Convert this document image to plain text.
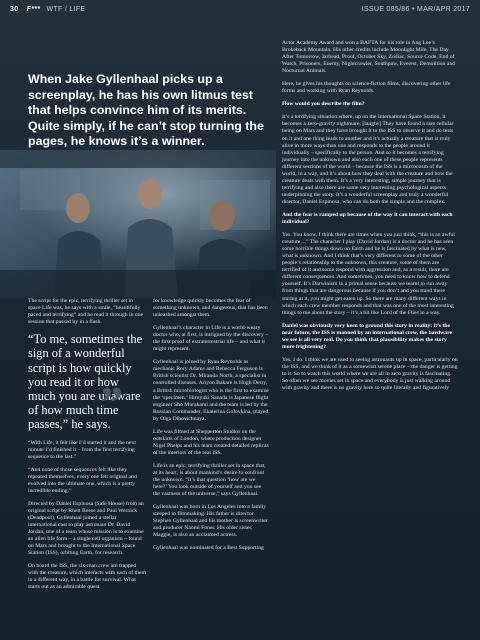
30 F*** WTF / LIFE	ISSUE 085/86 • MAR/APR 2017
When Jake Gyllenhaal picks up a screenplay, he has his own litmus test that helps convince him of its merits. Quite simply, if he can’t stop turning the pages, he knows it’s a winner.

The script for the epic, terrifying thriller set in space Life was, he says with a smile, “beautifully paced and terrifying” and he read it through in one session that passed by in a flash.

“To me, sometimes the sign of a wonderful script is how quickly you read it or how much you are unaware of how much time passes,” he says.

“With Life, it felt like I’d started it and the next minute I’d finished it – from the first terrifying sequence to the last.”

“And none of those sequences felt like they repeated themselves, every one felt original and evolved into the ultimate one, which is a pretty incredible ending.”

Directed by Daniel Espinosa (Safe House) from an original script by Rhett Reese and Paul Wernick (Deadpool), Gyllenhaal joined a stellar international cast to play astronaut Dr. David Jordan, one of a team whose mission is to examine an alien life form – a single cell organism – found on Mars and brought to the International Space Station (ISS), orbiting Earth, for research.

On board the ISS, the six-man crew are trapped with the creature, which interacts with each of them in a different way, in a battle for survival. What starts out as an admirable quest

”

for knowledge quickly becomes the fear of something unknown, and dangerous, that has been unleashed amongst them.

Gyllenhaal’s character in Life is a world-weary doctor who, at first, is intrigued by the discovery – the first proof of extraterrestrial life – and what it might represent.

Gyllenhaal is joined by Ryan Reynolds as mechanic Rory Adams and Rebecca Ferguson is British scientist Dr. Miranda North, a specialist in controlled diseases. Ariyon Bakare is Hugh Derry, a British microbiologist who is the first to examine the ‘specimen.’ Hiroyuki Sanada is Japanese flight engineer Sho Murakami and the team is led by the Russian Commander, Ekaterina Golovkina, played by Olga Dihovichnaya.

Life was filmed at Shepperton Studios on the outskirts of London, where production designer Nigel Phelps and his team created detailed replicas of the interiors of the real ISS.

Life is an epic, terrifying thriller set in space that, at its heart, is about mankind’s desire to confront the unknown. “It’s that question ‘how are we here?’ You look outside of yourself and you see the vastness of the universe,” says Gyllenhaal.

Gyllenhaal was born in Los Angeles into a family steeped in filmmaking. His father is director Stephen Gyllenhaal and his mother is screenwriter and producer Naomi Foner. His older sister, Maggie, is also an acclaimed actress.

Gyllenhaal was nominated for a Best Supporting

Actor Academy Award and won a BAFTA for his role in Ang Lee’s Brokeback Mountain. His other credits include Moonlight Mile, The Day After Tomorrow, Jarhead, Proof, October Sky, Zodiac, Source Code, End of Watch, Prisoners, Enemy, Nightcrawler, Southpaw, Everest, Demolition and Nocturnal Animals.

Here, he gives his thoughts on science-fiction films, discovering other life forms and working with Ryan Reynolds.

How would you describe the film?

It’s a terrifying situation where, up on the International Space Station, it becomes a zero-gravity nightmare. [laughs] They have found a rare cellular being on Mars and they have brought it to the ISS to observe it and do tests on it and one thing leads to another and it’s actually a creature that is truly alive in more ways than one and responds to the people around it individually – specifically to the person. And so it becomes a terrifying journey into the unknown and also each one of these people represents different sections of the world – because the ISS is a microcosm of the world, in a way, and it’s about how they deal with the creature and how the creature deals with them. It’s a very interesting, simple journey that is terrifying and also there are some very interesting psychological aspects underpinning the story. It’s a wonderful screenplay and truly a wonderful director, Daniel Espinosa, who can do both the simple and the complex.

And the fear is ramped up because of the way it can interact with each individual?

Yes. You know, I think there are times when you just think, “this is an awful creature…” The character I play (David Jordan) is a doctor and he has seen some horrible things down on Earth and he is fascinated by what is new, what is unknown. And I think that’s very different to some of the other people’s relationship to the unknown, this creature, some of them are terrified of it and some respond with aggression and, as a result, there are different consequences. And sometimes, you need to know how to defend yourself. It’s Darwinism in a primal sense because we learnt to run away from things that are dangerous because if you don’t and you stand there staring at it, you might get eaten up. So there are many different ways in which each crew member responds and that was one of the most interesting things to me about the story – it’s a bit like Lord of the Flies in a way.

Daniel was obviously very keen to ground this story in reality: it’s the near future, the ISS is manned by an international crew, the hardware we see is all very real. Do you think that plausibility makes the story more frightening?

Yes, I do. I think we are used to seeing astronauts up in space, particularly on the ISS, and we think of it as a somewhat serene place – the danger is getting to it. So to watch this world where we are all in zero gravity is fascinating. So often we see movies set in space and everybody is just walking around with gravity and there is no gravity here so quite literally and figuratively
